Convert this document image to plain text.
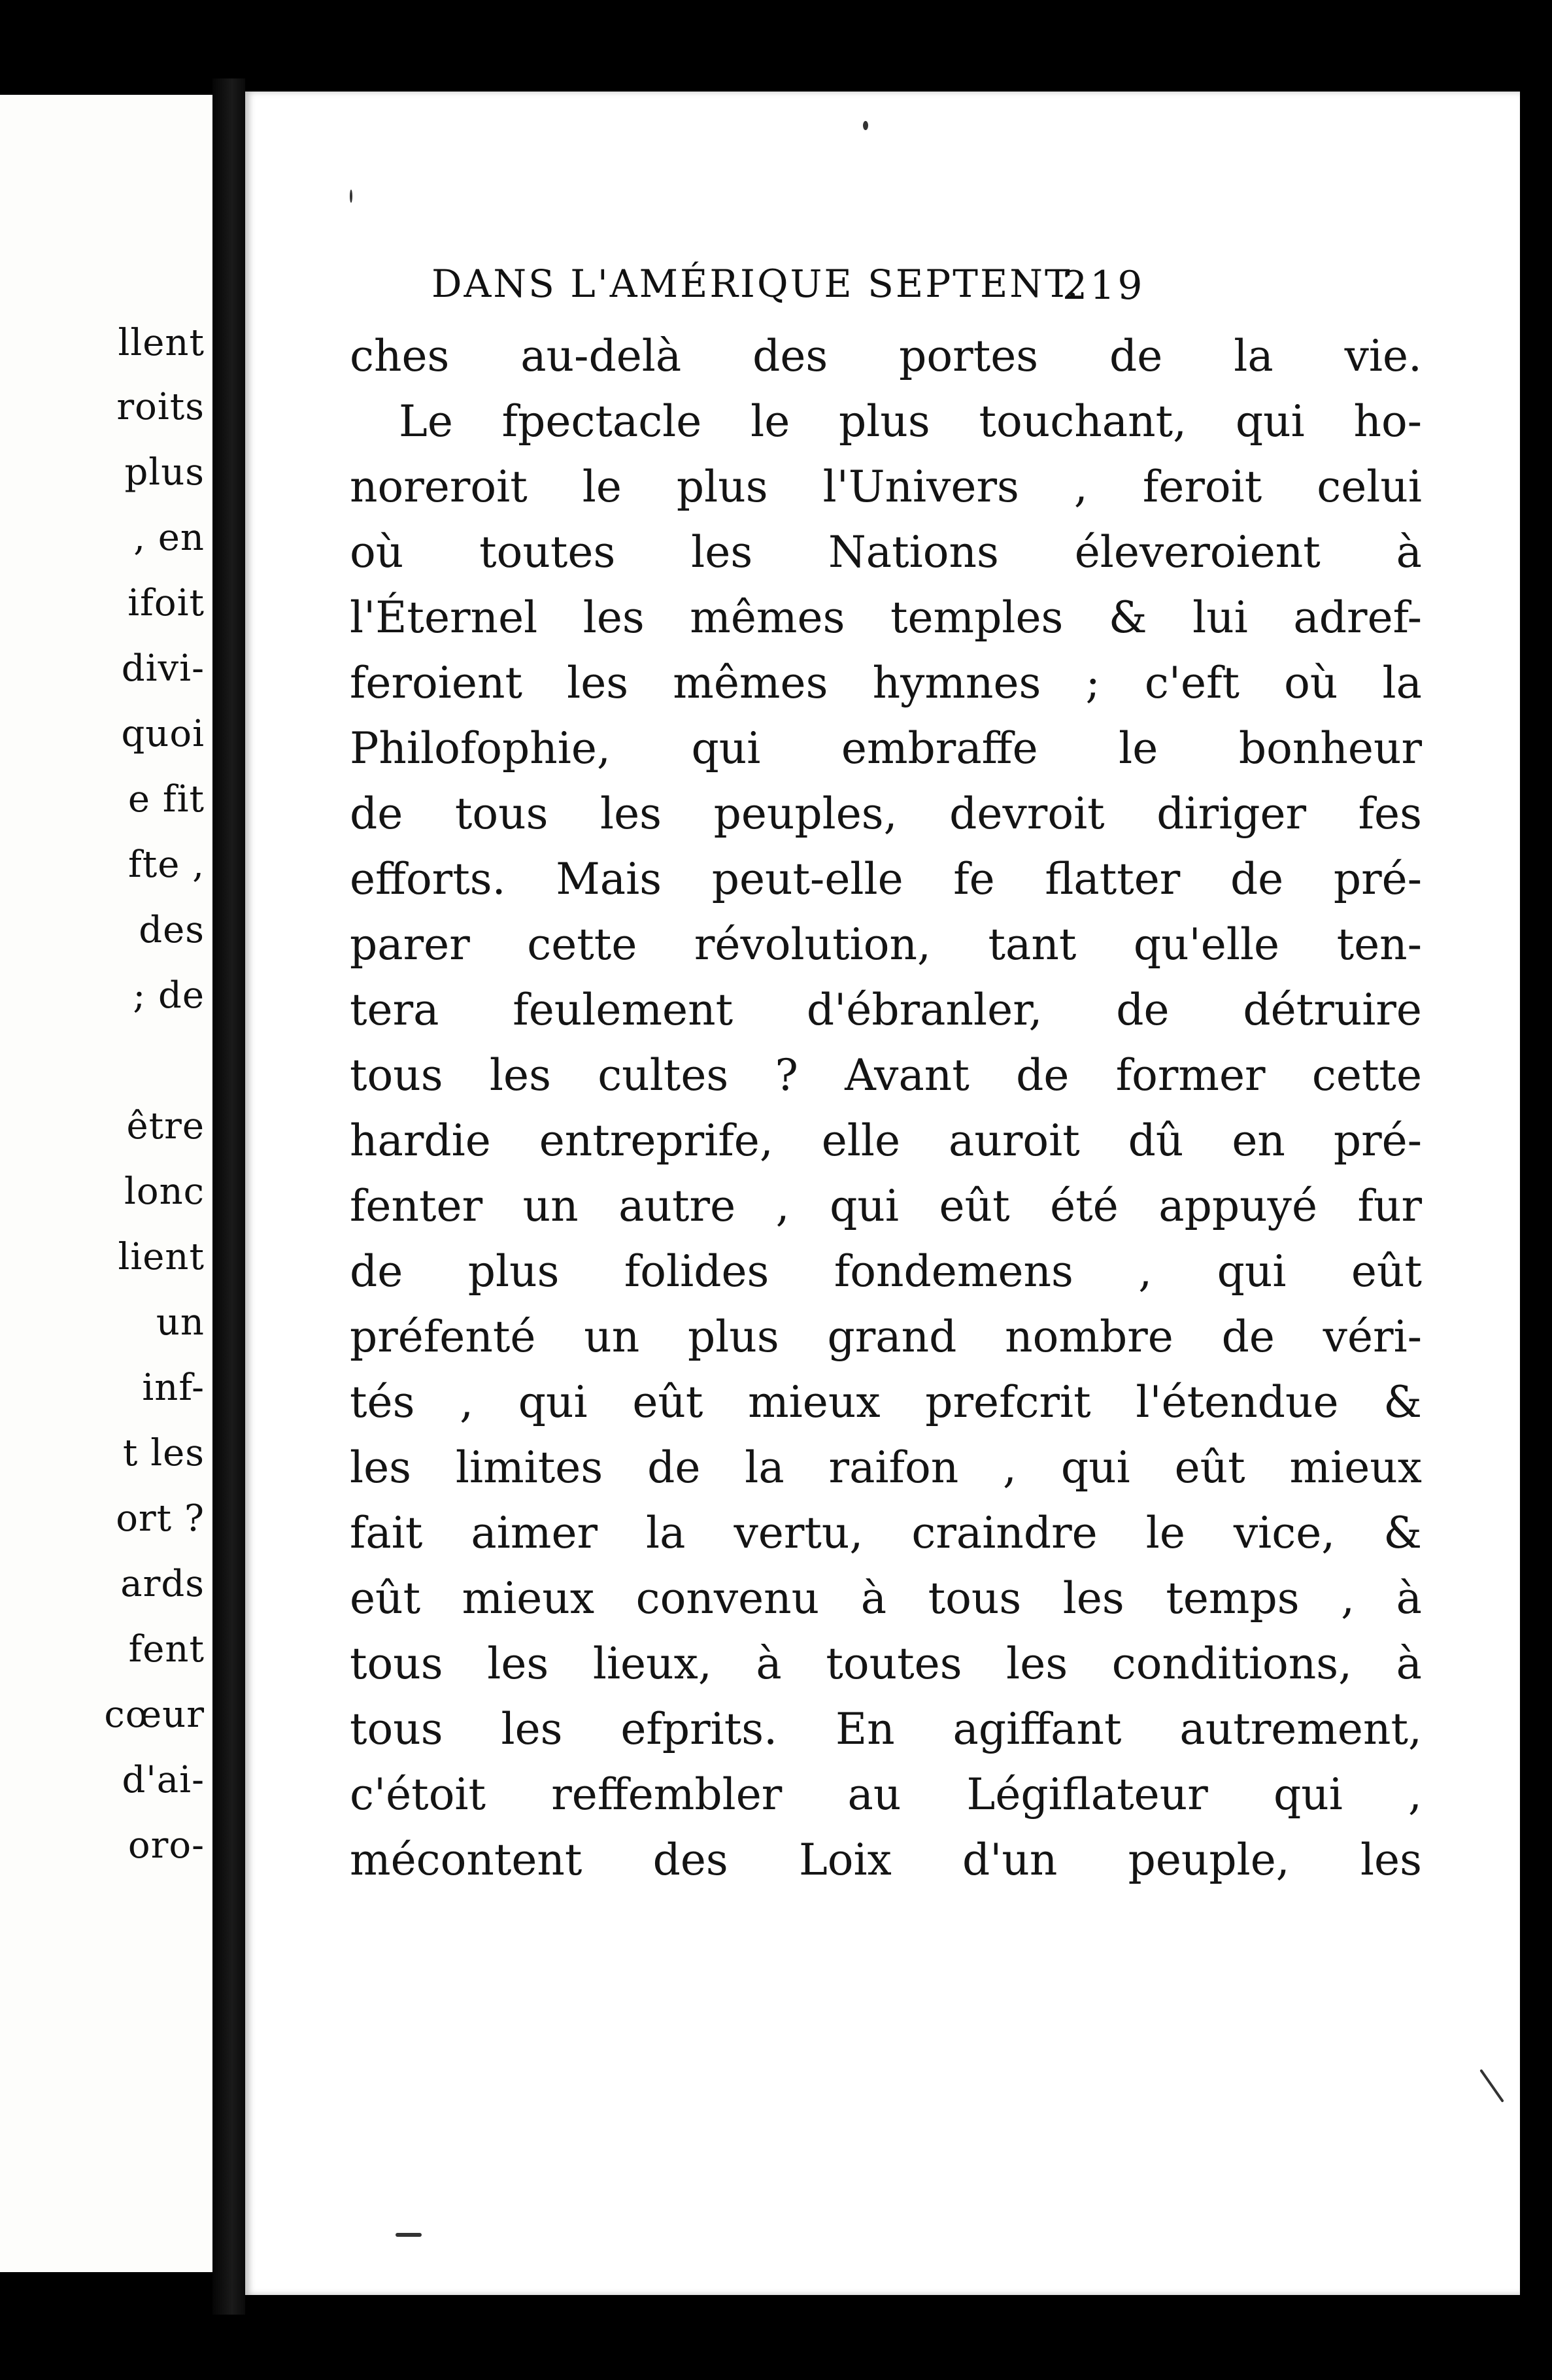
llent
roits
plus
, en
ifoit
divi-
quoi
e fit
fte ,
des
; de
être
lonc
lient
un
inf-
t les
ort ?
ards
fent
cœur
d'ai-
oro-
DANS L'AMÉRIQUE SEPTENT.
219
ches au-delà des portes de la vie.
Le fpectacle le plus touchant, qui ho-
noreroit le plus l'Univers , feroit celui
où toutes les Nations éleveroient à
l'Éternel les mêmes temples & lui adref-
feroient les mêmes hymnes ; c'eft où la
Philofophie, qui embraffe le bonheur
de tous les peuples, devroit diriger fes
efforts. Mais peut-elle fe flatter de pré-
parer cette révolution, tant qu'elle ten-
tera feulement d'ébranler, de détruire
tous les cultes ? Avant de former cette
hardie entreprife, elle auroit dû en pré-
fenter un autre , qui eût été appuyé fur
de plus folides fondemens , qui eût
préfenté un plus grand nombre de véri-
tés , qui eût mieux prefcrit l'étendue &
les limites de la raifon , qui eût mieux
fait aimer la vertu, craindre le vice, &
eût mieux convenu à tous les temps , à
tous les lieux, à toutes les conditions, à
tous les efprits. En agiffant autrement,
c'étoit reffembler au Légiflateur qui ,
mécontent des Loix d'un peuple, les
